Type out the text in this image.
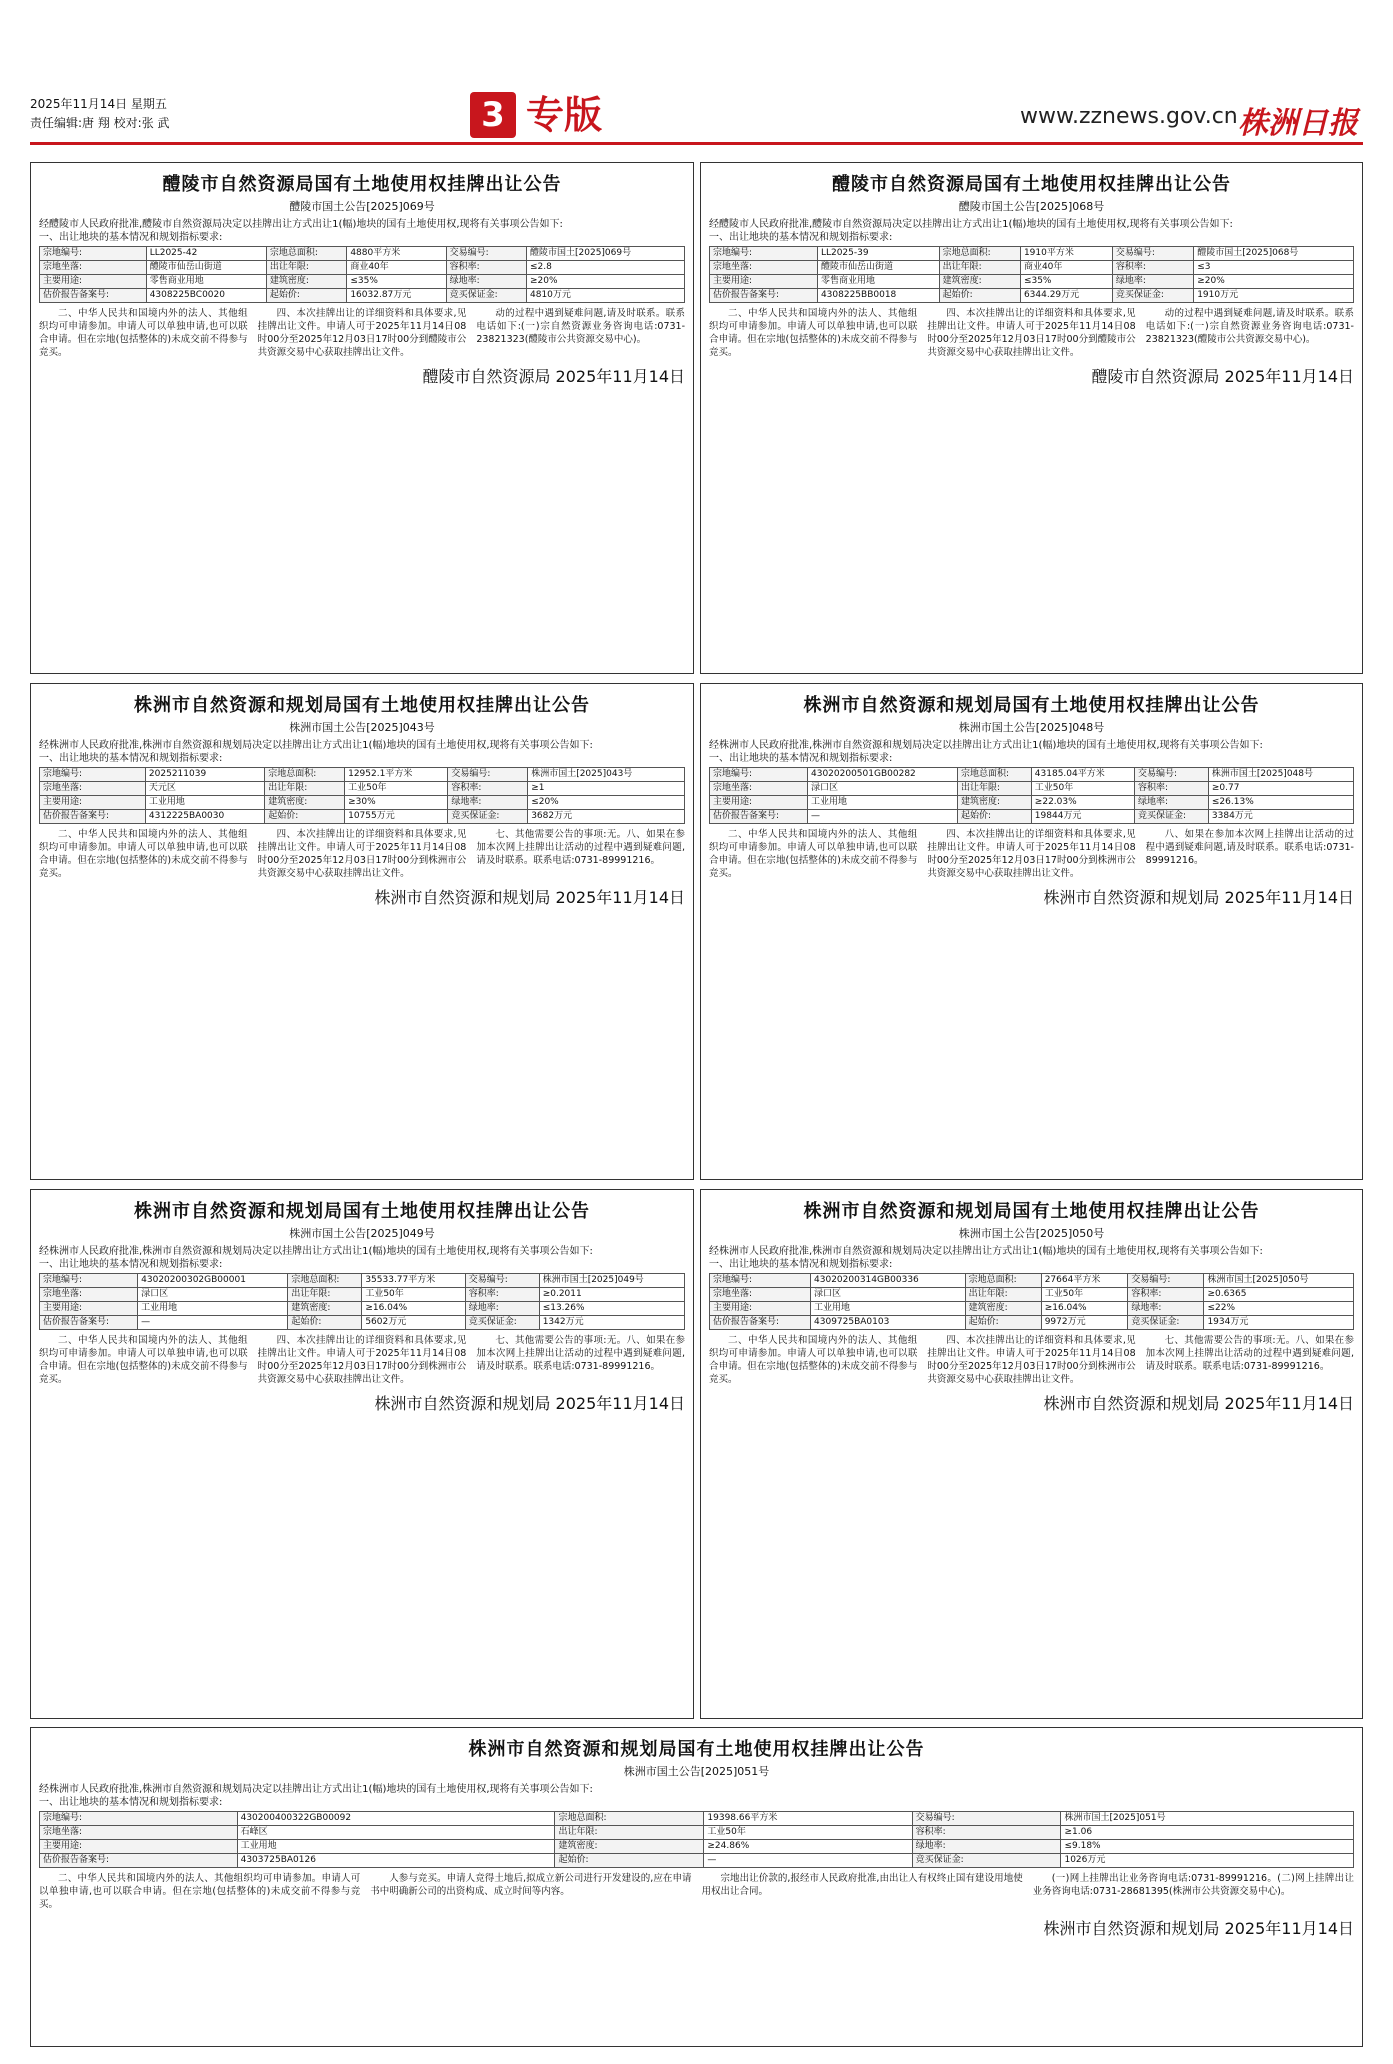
2025年11月14日 星期五
责任编辑:唐 翔 校对:张 武	3 专版	www.zznews.gov.cn 株洲日报
醴陵市自然资源局国有土地使用权挂牌出让公告
醴陵市国土公告[2025]069号
经醴陵市人民政府批准,醴陵市自然资源局决定以挂牌出让方式出让1(幅)地块的国有土地使用权,现将有关事项公告如下:
一、出让地块的基本情况和规划指标要求:
宗地编号:	LL2025-42	宗地总面积:	4880平方米	交易编号:	醴陵市国土[2025]069号
宗地坐落:	醴陵市仙岳山街道	出让年限:	商业40年	容积率:	≤2.8
主要用途:	零售商业用地	建筑密度:	≤35%	绿地率:	≥20%
估价报告备案号:	4308225BC0020	起始价:	16032.87万元	竞买保证金:	4810万元

二、中华人民共和国境内外的法人、其他组织均可申请参加。申请人可以单独申请,也可以联合申请。但在宗地(包括整体的)未成交前不得参与竞买。

四、本次挂牌出让的详细资料和具体要求,见挂牌出让文件。申请人可于2025年11月14日08时00分至2025年12月03日17时00分到醴陵市公共资源交易中心获取挂牌出让文件。

动的过程中遇到疑难问题,请及时联系。联系电话如下:(一)宗自然资源业务咨询电话:0731-23821323(醴陵市公共资源交易中心)。

醴陵市自然资源局 2025年11月14日
醴陵市自然资源局国有土地使用权挂牌出让公告
醴陵市国土公告[2025]068号
经醴陵市人民政府批准,醴陵市自然资源局决定以挂牌出让方式出让1(幅)地块的国有土地使用权,现将有关事项公告如下:
一、出让地块的基本情况和规划指标要求:
宗地编号:	LL2025-39	宗地总面积:	1910平方米	交易编号:	醴陵市国土[2025]068号
宗地坐落:	醴陵市仙岳山街道	出让年限:	商业40年	容积率:	≤3
主要用途:	零售商业用地	建筑密度:	≤35%	绿地率:	≥20%
估价报告备案号:	4308225BB0018	起始价:	6344.29万元	竞买保证金:	1910万元

二、中华人民共和国境内外的法人、其他组织均可申请参加。申请人可以单独申请,也可以联合申请。但在宗地(包括整体的)未成交前不得参与竞买。

四、本次挂牌出让的详细资料和具体要求,见挂牌出让文件。申请人可于2025年11月14日08时00分至2025年12月03日17时00分到醴陵市公共资源交易中心获取挂牌出让文件。

动的过程中遇到疑难问题,请及时联系。联系电话如下:(一)宗自然资源业务咨询电话:0731-23821323(醴陵市公共资源交易中心)。

醴陵市自然资源局 2025年11月14日
株洲市自然资源和规划局国有土地使用权挂牌出让公告
株洲市国土公告[2025]043号
经株洲市人民政府批准,株洲市自然资源和规划局决定以挂牌出让方式出让1(幅)地块的国有土地使用权,现将有关事项公告如下:
一、出让地块的基本情况和规划指标要求:
宗地编号:	2025211039	宗地总面积:	12952.1平方米	交易编号:	株洲市国土[2025]043号
宗地坐落:	天元区	出让年限:	工业50年	容积率:	≥1
主要用途:	工业用地	建筑密度:	≥30%	绿地率:	≤20%
估价报告备案号:	4312225BA0030	起始价:	10755万元	竞买保证金:	3682万元

二、中华人民共和国境内外的法人、其他组织均可申请参加。申请人可以单独申请,也可以联合申请。但在宗地(包括整体的)未成交前不得参与竞买。

四、本次挂牌出让的详细资料和具体要求,见挂牌出让文件。申请人可于2025年11月14日08时00分至2025年12月03日17时00分到株洲市公共资源交易中心获取挂牌出让文件。

七、其他需要公告的事项:无。八、如果在参加本次网上挂牌出让活动的过程中遇到疑难问题,请及时联系。联系电话:0731-89991216。

株洲市自然资源和规划局 2025年11月14日
株洲市自然资源和规划局国有土地使用权挂牌出让公告
株洲市国土公告[2025]048号
经株洲市人民政府批准,株洲市自然资源和规划局决定以挂牌出让方式出让1(幅)地块的国有土地使用权,现将有关事项公告如下:
一、出让地块的基本情况和规划指标要求:
宗地编号:	43020200501GB00282	宗地总面积:	43185.04平方米	交易编号:	株洲市国土[2025]048号
宗地坐落:	渌口区	出让年限:	工业50年	容积率:	≥0.77
主要用途:	工业用地	建筑密度:	≥22.03%	绿地率:	≤26.13%
估价报告备案号:	—	起始价:	19844万元	竞买保证金:	3384万元

二、中华人民共和国境内外的法人、其他组织均可申请参加。申请人可以单独申请,也可以联合申请。但在宗地(包括整体的)未成交前不得参与竞买。

四、本次挂牌出让的详细资料和具体要求,见挂牌出让文件。申请人可于2025年11月14日08时00分至2025年12月03日17时00分到株洲市公共资源交易中心获取挂牌出让文件。

八、如果在参加本次网上挂牌出让活动的过程中遇到疑难问题,请及时联系。联系电话:0731-89991216。

株洲市自然资源和规划局 2025年11月14日
株洲市自然资源和规划局国有土地使用权挂牌出让公告
株洲市国土公告[2025]049号
经株洲市人民政府批准,株洲市自然资源和规划局决定以挂牌出让方式出让1(幅)地块的国有土地使用权,现将有关事项公告如下:
一、出让地块的基本情况和规划指标要求:
宗地编号:	43020200302GB00001	宗地总面积:	35533.77平方米	交易编号:	株洲市国土[2025]049号
宗地坐落:	渌口区	出让年限:	工业50年	容积率:	≥0.2011
主要用途:	工业用地	建筑密度:	≥16.04%	绿地率:	≤13.26%
估价报告备案号:	—	起始价:	5602万元	竞买保证金:	1342万元

二、中华人民共和国境内外的法人、其他组织均可申请参加。申请人可以单独申请,也可以联合申请。但在宗地(包括整体的)未成交前不得参与竞买。

四、本次挂牌出让的详细资料和具体要求,见挂牌出让文件。申请人可于2025年11月14日08时00分至2025年12月03日17时00分到株洲市公共资源交易中心获取挂牌出让文件。

七、其他需要公告的事项:无。八、如果在参加本次网上挂牌出让活动的过程中遇到疑难问题,请及时联系。联系电话:0731-89991216。

株洲市自然资源和规划局 2025年11月14日
株洲市自然资源和规划局国有土地使用权挂牌出让公告
株洲市国土公告[2025]050号
经株洲市人民政府批准,株洲市自然资源和规划局决定以挂牌出让方式出让1(幅)地块的国有土地使用权,现将有关事项公告如下:
一、出让地块的基本情况和规划指标要求:
宗地编号:	43020200314GB00336	宗地总面积:	27664平方米	交易编号:	株洲市国土[2025]050号
宗地坐落:	渌口区	出让年限:	工业50年	容积率:	≥0.6365
主要用途:	工业用地	建筑密度:	≥16.04%	绿地率:	≤22%
估价报告备案号:	4309725BA0103	起始价:	9972万元	竞买保证金:	1934万元

二、中华人民共和国境内外的法人、其他组织均可申请参加。申请人可以单独申请,也可以联合申请。但在宗地(包括整体的)未成交前不得参与竞买。

四、本次挂牌出让的详细资料和具体要求,见挂牌出让文件。申请人可于2025年11月14日08时00分至2025年12月03日17时00分到株洲市公共资源交易中心获取挂牌出让文件。

七、其他需要公告的事项:无。八、如果在参加本次网上挂牌出让活动的过程中遇到疑难问题,请及时联系。联系电话:0731-89991216。

株洲市自然资源和规划局 2025年11月14日
株洲市自然资源和规划局国有土地使用权挂牌出让公告
株洲市国土公告[2025]051号
经株洲市人民政府批准,株洲市自然资源和规划局决定以挂牌出让方式出让1(幅)地块的国有土地使用权,现将有关事项公告如下:
一、出让地块的基本情况和规划指标要求:
宗地编号:	430200400322GB00092	宗地总面积:	19398.66平方米	交易编号:	株洲市国土[2025]051号
宗地坐落:	石峰区	出让年限:	工业50年	容积率:	≥1.06
主要用途:	工业用地	建筑密度:	≥24.86%	绿地率:	≤9.18%
估价报告备案号:	4303725BA0126	起始价:	—	竞买保证金:	1026万元

二、中华人民共和国境内外的法人、其他组织均可申请参加。申请人可以单独申请,也可以联合申请。但在宗地(包括整体的)未成交前不得参与竞买。

人参与竞买。申请人竞得土地后,拟成立新公司进行开发建设的,应在申请书中明确新公司的出资构成、成立时间等内容。

宗地出让价款的,报经市人民政府批准,由出让人有权终止国有建设用地使用权出让合同。

(一)网上挂牌出让业务咨询电话:0731-89991216。(二)网上挂牌出让业务咨询电话:0731-28681395(株洲市公共资源交易中心)。

株洲市自然资源和规划局 2025年11月14日
